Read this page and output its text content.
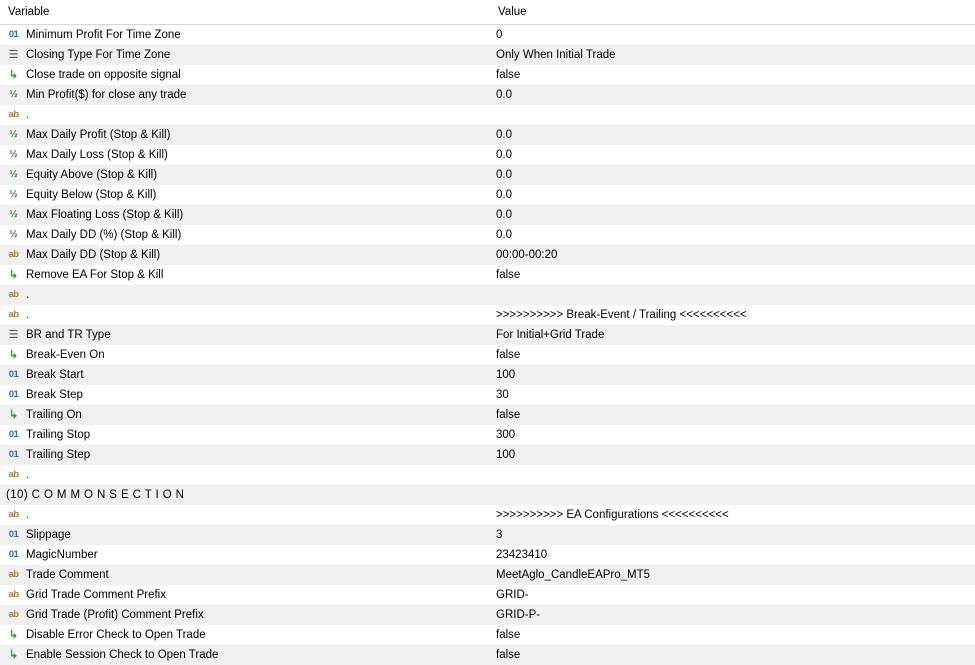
Variable	Value

01 Minimum Profit For Time Zone	0

☰ Closing Type For Time Zone	Only When Initial Trade

↳ Close trade on opposite signal	false

½ Min Profit($) for close any trade	0.0

ab .	

½ Max Daily Profit (Stop & Kill)	0.0

½ Max Daily Loss (Stop & Kill)	0.0

½ Equity Above (Stop & Kill)	0.0

½ Equity Below (Stop & Kill)	0.0

½ Max Floating Loss (Stop & Kill)	0.0

½ Max Daily DD (%) (Stop & Kill)	0.0

ab Max Daily DD (Stop & Kill)	00:00-00:20

↳ Remove EA For Stop & Kill	false

ab .	

ab .	>>>>>>>>>> Break-Event / Trailing <<<<<<<<<<

☰ BR and TR Type	For Initial+Grid Trade

↳ Break-Even On	false

01 Break Start	100

01 Break Step	30

↳ Trailing On	false

01 Trailing Stop	300

01 Trailing Step	100

ab .	

(10) C O M M O N S E C T I O N	

ab .	>>>>>>>>>> EA Configurations <<<<<<<<<<

01 Slippage	3

01 MagicNumber	23423410

ab Trade Comment	MeetAglo_CandleEAPro_MT5

ab Grid Trade Comment Prefix	GRID-

ab Grid Trade (Profit) Comment Prefix	GRID-P-

↳ Disable Error Check to Open Trade	false

↳ Enable Session Check to Open Trade	false
